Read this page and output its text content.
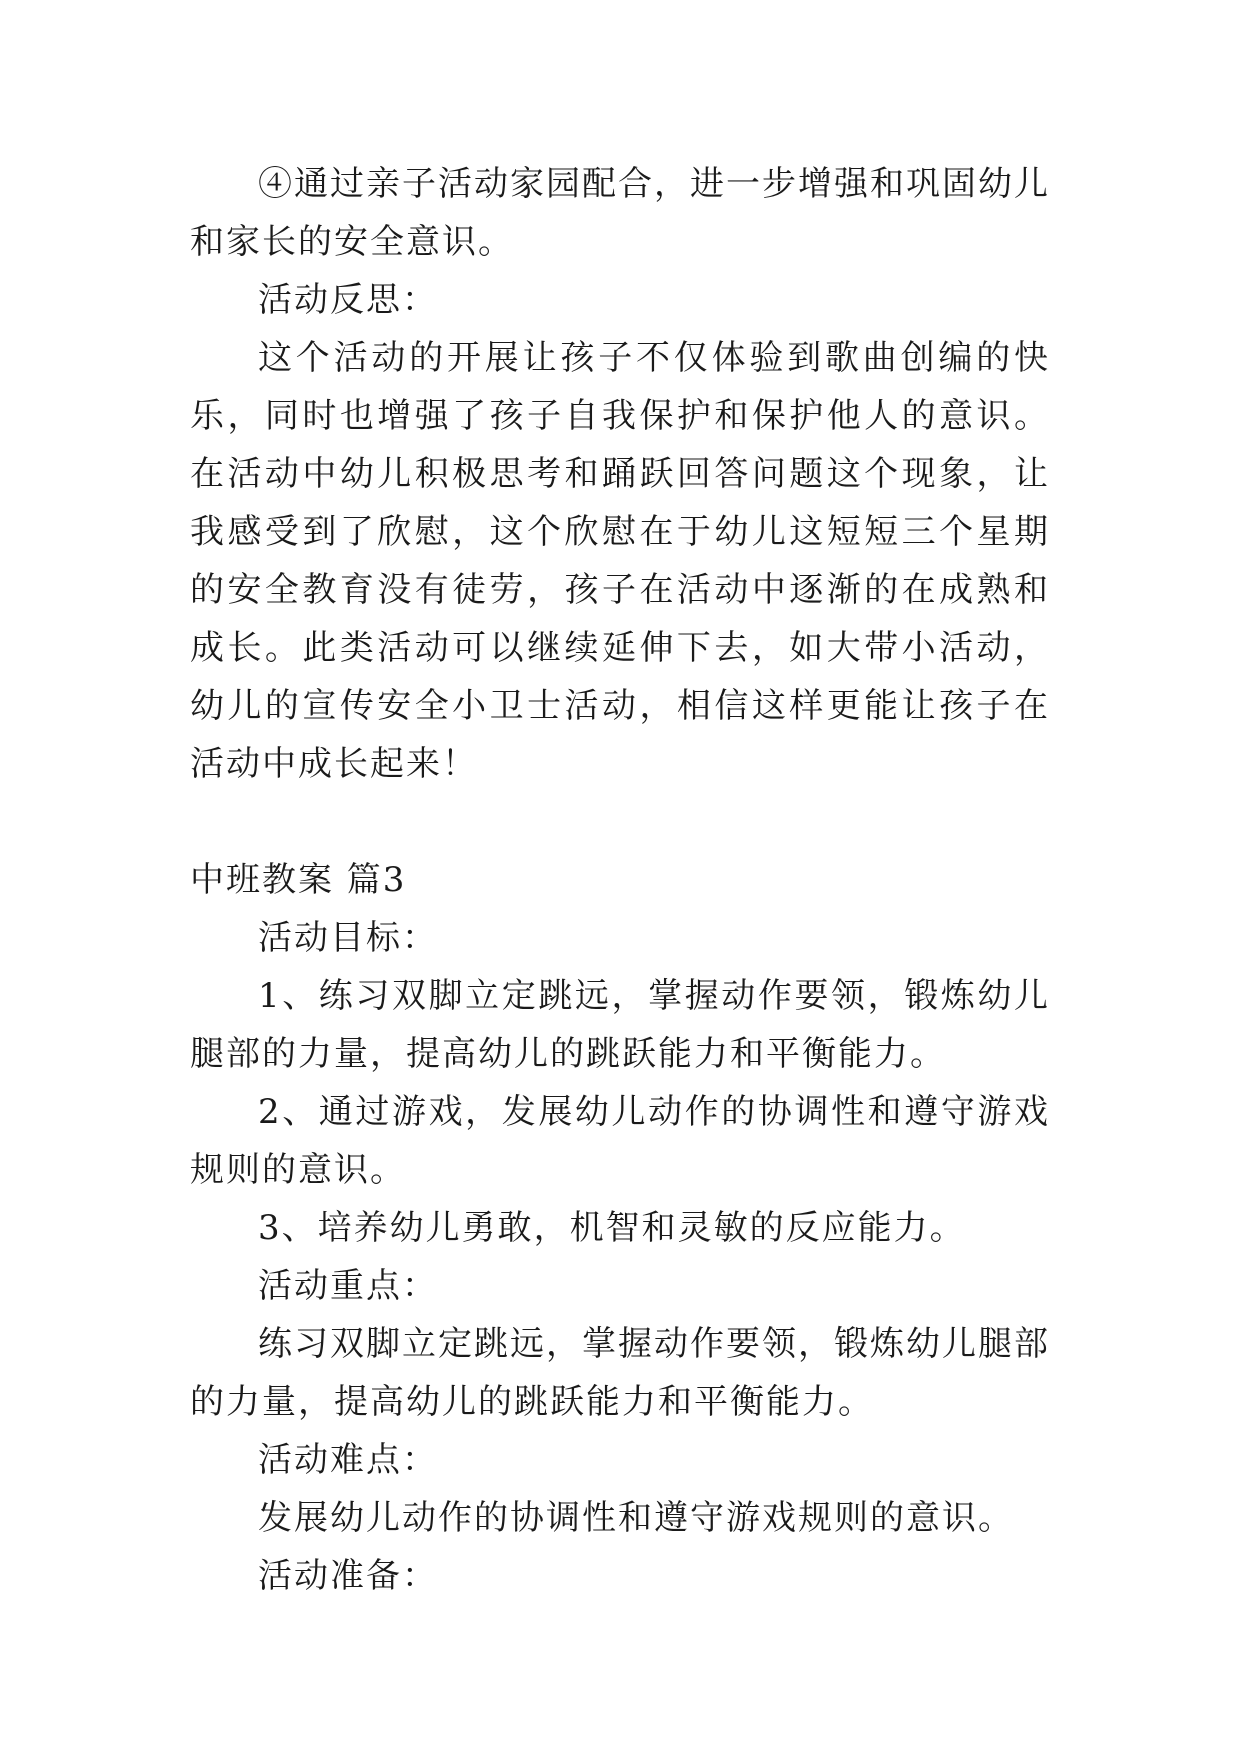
④通过亲子活动家园配合，进一步增强和巩固幼儿和家长的安全意识。

活动反思：

这个活动的开展让孩子不仅体验到歌曲创编的快乐，同时也增强了孩子自我保护和保护他人的意识。在活动中幼儿积极思考和踊跃回答问题这个现象，让我感受到了欣慰，这个欣慰在于幼儿这短短三个星期的安全教育没有徒劳，孩子在活动中逐渐的在成熟和成长。此类活动可以继续延伸下去，如大带小活动，幼儿的宣传安全小卫士活动，相信这样更能让孩子在活动中成长起来！

中班教案 篇3

活动目标：

1、练习双脚立定跳远，掌握动作要领，锻炼幼儿腿部的力量，提高幼儿的跳跃能力和平衡能力。

2、通过游戏，发展幼儿动作的协调性和遵守游戏规则的意识。

3、培养幼儿勇敢，机智和灵敏的反应能力。

活动重点：

练习双脚立定跳远，掌握动作要领，锻炼幼儿腿部的力量，提高幼儿的跳跃能力和平衡能力。

活动难点：

发展幼儿动作的协调性和遵守游戏规则的意识。

活动准备：
